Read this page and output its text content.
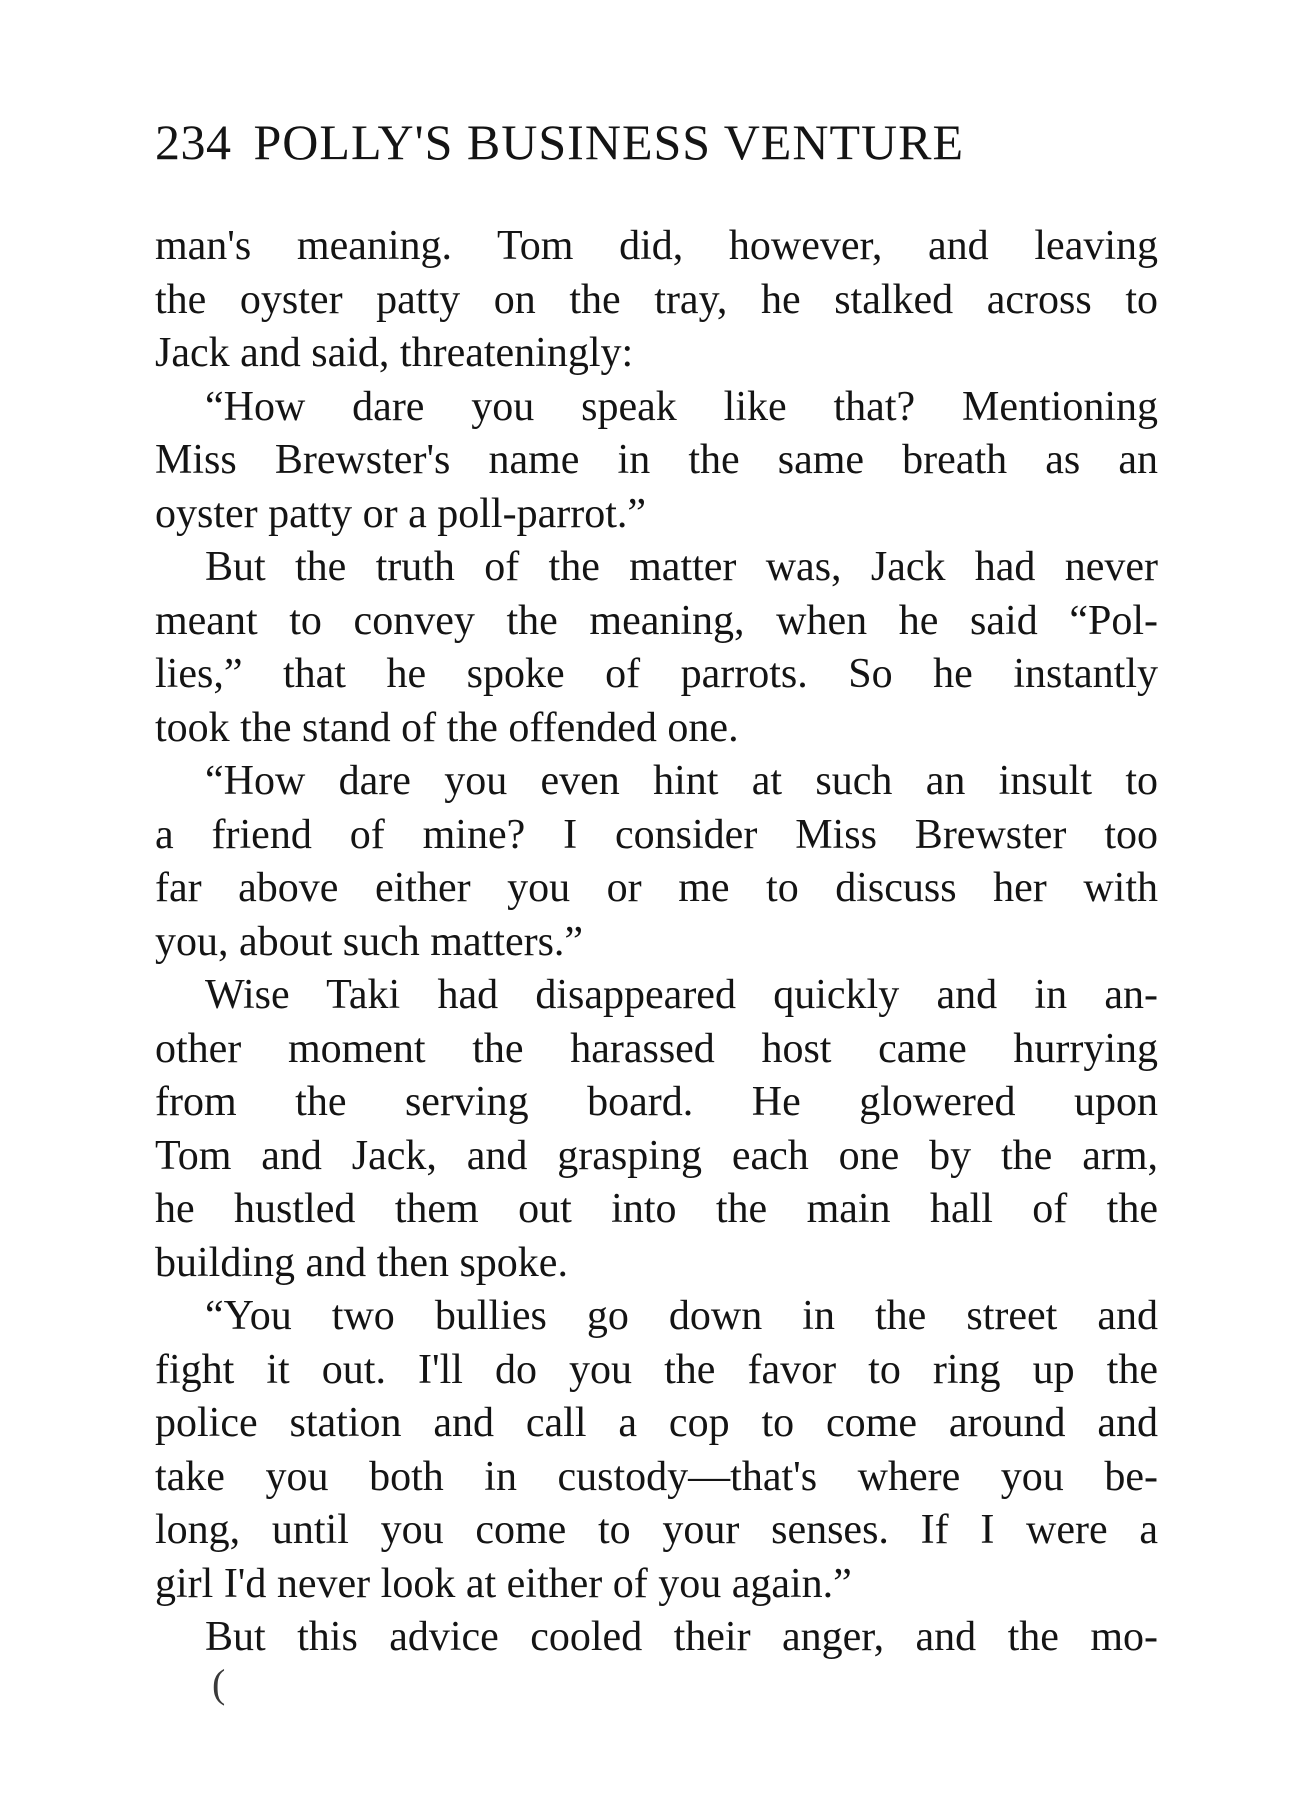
234 POLLY'S BUSINESS VENTURE
man's meaning. Tom did, however, and leaving
the oyster patty on the tray, he stalked across to
Jack and said, threateningly:
“How dare you speak like that? Mentioning
Miss Brewster's name in the same breath as an
oyster patty or a poll-parrot.”
But the truth of the matter was, Jack had never
meant to convey the meaning, when he said “Pol-
lies,” that he spoke of parrots. So he instantly
took the stand of the offended one.
“How dare you even hint at such an insult to
a friend of mine? I consider Miss Brewster too
far above either you or me to discuss her with
you, about such matters.”
Wise Taki had disappeared quickly and in an-
other moment the harassed host came hurrying
from the serving board. He glowered upon
Tom and Jack, and grasping each one by the arm,
he hustled them out into the main hall of the
building and then spoke.
“You two bullies go down in the street and
fight it out. I'll do you the favor to ring up the
police station and call a cop to come around and
take you both in custody—that's where you be-
long, until you come to your senses. If I were a
girl I'd never look at either of you again.”
But this advice cooled their anger, and the mo-
(
